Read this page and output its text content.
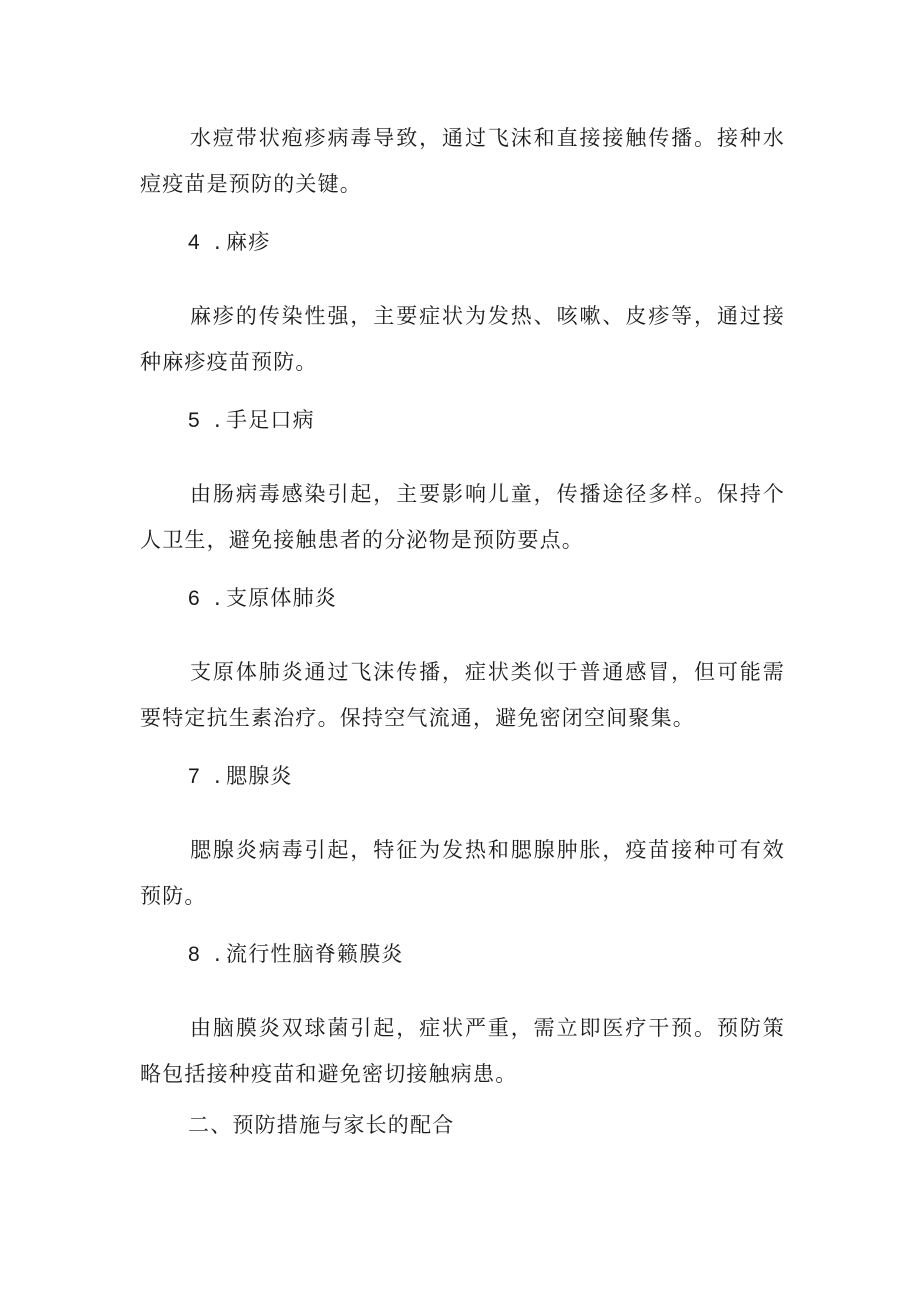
水痘带状疱疹病毒导致，通过飞沫和直接接触传播。接种水痘疫苗是预防的关键。

4 . 麻疹

麻疹的传染性强，主要症状为发热、咳嗽、皮疹等，通过接种麻疹疫苗预防。

5 . 手足口病

由肠病毒感染引起，主要影响儿童，传播途径多样。保持个人卫生，避免接触患者的分泌物是预防要点。

6 . 支原体肺炎

支原体肺炎通过飞沫传播，症状类似于普通感冒，但可能需要特定抗生素治疗。保持空气流通，避免密闭空间聚集。

7 . 腮腺炎

腮腺炎病毒引起，特征为发热和腮腺肿胀，疫苗接种可有效预防。

8 . 流行性脑脊籁膜炎

由脑膜炎双球菌引起，症状严重，需立即医疗干预。预防策略包括接种疫苗和避免密切接触病患。

二、预防措施与家长的配合
